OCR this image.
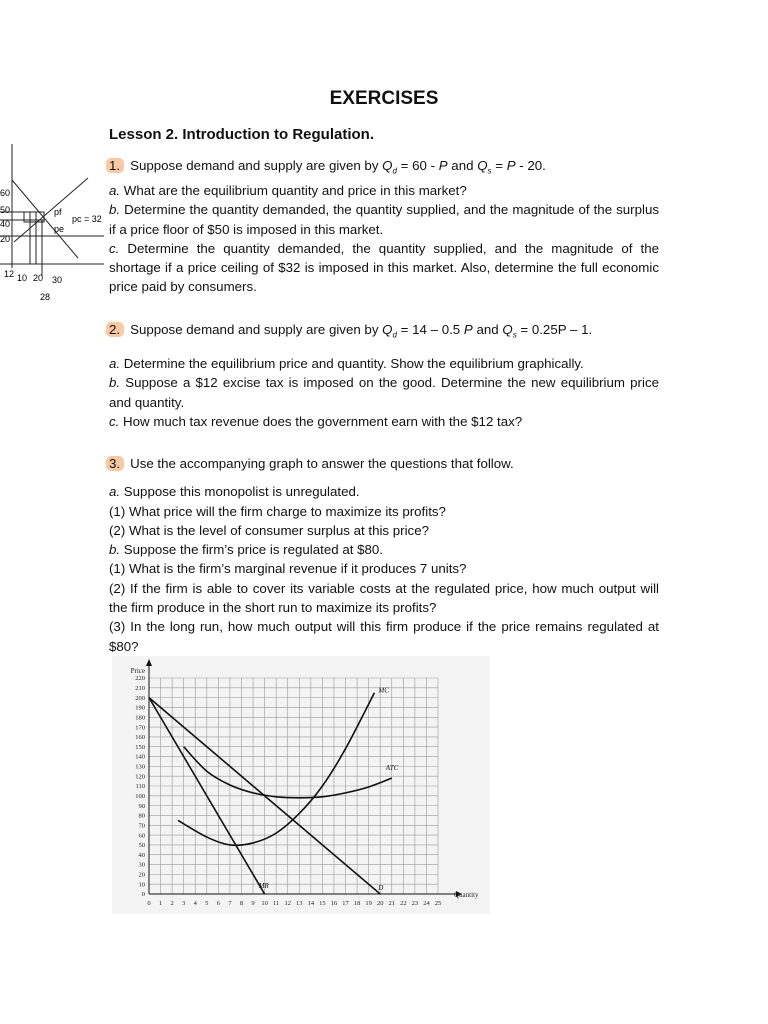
EXERCISES
Lesson 2. Introduction to Regulation.

1. Suppose demand and supply are given by $Q_d = 60 - P$ and $Q_s = P - 20$.

a. What are the equilibrium quantity and price in this market?

b. Determine the quantity demanded, the quantity supplied, and the magnitude of the surplus if a price floor of $50 is imposed in this market.

c. Determine the quantity demanded, the quantity supplied, and the magnitude of the shortage if a price ceiling of $32 is imposed in this market. Also, determine the full economic price paid by consumers.

2. Suppose demand and supply are given by $Q_d = 14 - 0.5$ P and $Q_s = 0.25P - 1$.

a. Determine the equilibrium price and quantity. Show the equilibrium graphically.

b. Suppose a $12 excise tax is imposed on the good. Determine the new equilibrium price and quantity.

c. How much tax revenue does the government earn with the $12 tax?

3. Use the accompanying graph to answer the questions that follow.

a. Suppose this monopolist is unregulated.

(1) What price will the firm charge to maximize its profits?

(2) What is the level of consumer surplus at this price?

b. Suppose the firm’s price is regulated at $80.

(1) What is the firm’s marginal revenue if it produces 7 units?

(2) If the firm is able to cover its variable costs at the regulated price, how much output will the firm produce in the short run to maximize its profits?

(3) In the long run, how much output will this firm produce if the price remains regulated at $80?

60
50
40
20
pf
pe
pc = 32
12 10 20 30
28
0 1 2 3 4 5 6 7 8 9 10 11 12 13 14 15 16 17 18 19 20 21 22 23 24 25
0
10
20
30
40
50
60
70
80
90
100
110
120
130
140
150
160
170
180
190
200
210
220
Price
Quantity
D
MR
MC
ATC
